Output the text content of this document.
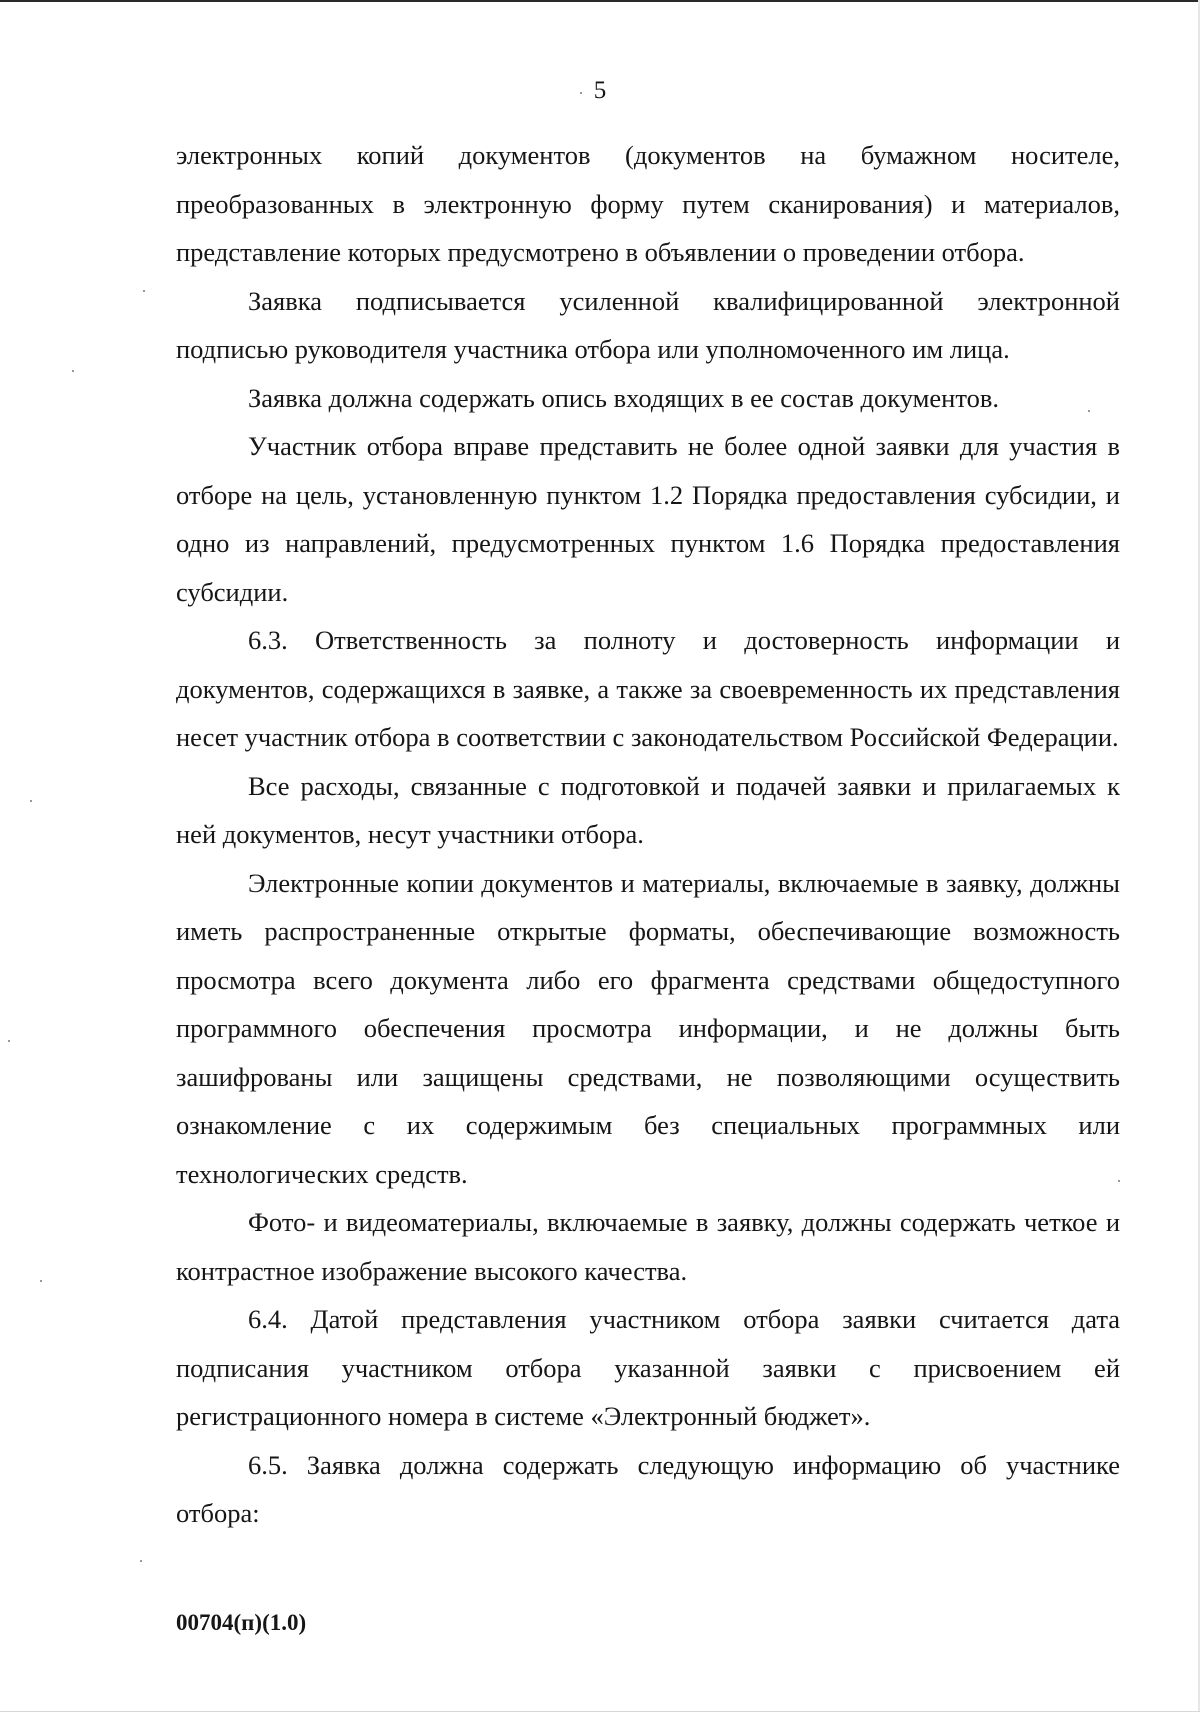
5

электронных копий документов (документов на бумажном носителе, преобразованных в электронную форму путем сканирования) и материалов, представление которых предусмотрено в объявлении о проведении отбора.

Заявка подписывается усиленной квалифицированной электронной подписью руководителя участника отбора или уполномоченного им лица.

Заявка должна содержать опись входящих в ее состав документов.

Участник отбора вправе представить не более одной заявки для участия в отборе на цель, установленную пунктом 1.2 Порядка предоставления субсидии, и одно из направлений, предусмотренных пунктом 1.6 Порядка предоставления субсидии.

6.3. Ответственность за полноту и достоверность информации и документов, содержащихся в заявке, а также за своевременность их представления несет участник отбора в соответствии с законодательством Российской Федерации.

Все расходы, связанные с подготовкой и подачей заявки и прилагаемых к ней документов, несут участники отбора.

Электронные копии документов и материалы, включаемые в заявку, должны иметь распространенные открытые форматы, обеспечивающие возможность просмотра всего документа либо его фрагмента средствами общедоступного программного обеспечения просмотра информации, и не должны быть зашифрованы или защищены средствами, не позволяющими осуществить ознакомление с их содержимым без специальных программных или технологических средств.

Фото- и видеоматериалы, включаемые в заявку, должны содержать четкое и контрастное изображение высокого качества.

6.4. Датой представления участником отбора заявки считается дата подписания участником отбора указанной заявки с присвоением ей регистрационного номера в системе «Электронный бюджет».

6.5. Заявка должна содержать следующую информацию об участнике отбора:

00704(п)(1.0)
